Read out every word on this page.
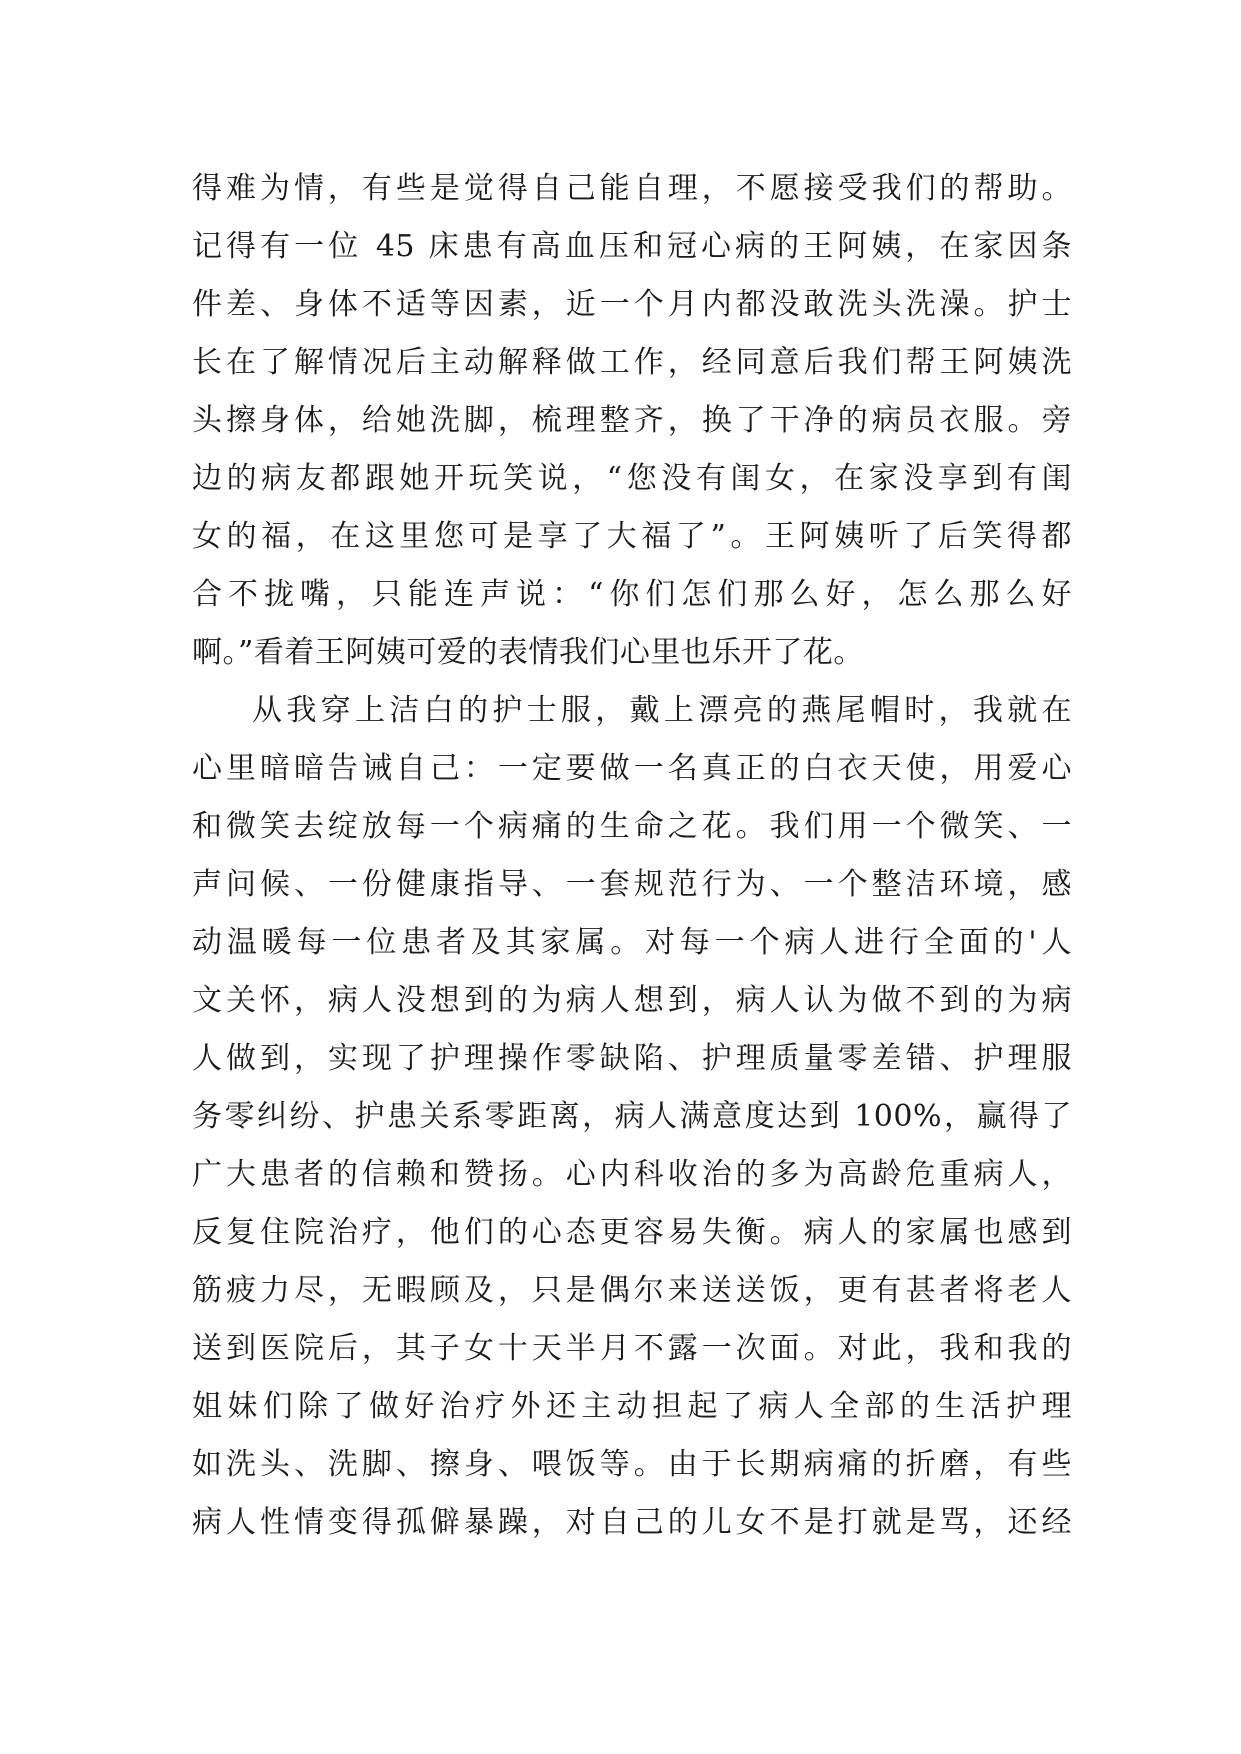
得难为情，有些是觉得自己能自理，不愿接受我们的帮助。
记得有一位 45 床患有高血压和冠心病的王阿姨，在家因条
件差、身体不适等因素，近一个月内都没敢洗头洗澡。护士
长在了解情况后主动解释做工作，经同意后我们帮王阿姨洗
头擦身体，给她洗脚，梳理整齐，换了干净的病员衣服。旁
边的病友都跟她开玩笑说，“您没有闺女，在家没享到有闺
女的福，在这里您可是享了大福了”。王阿姨听了后笑得都
合不拢嘴，只能连声说：“你们怎们那么好，怎么那么好
啊。”看着王阿姨可爱的表情我们心里也乐开了花。
从我穿上洁白的护士服，戴上漂亮的燕尾帽时，我就在
心里暗暗告诫自己：一定要做一名真正的白衣天使，用爱心
和微笑去绽放每一个病痛的生命之花。我们用一个微笑、一
声问候、一份健康指导、一套规范行为、一个整洁环境，感
动温暖每一位患者及其家属。对每一个病人进行全面的'人
文关怀，病人没想到的为病人想到，病人认为做不到的为病
人做到，实现了护理操作零缺陷、护理质量零差错、护理服
务零纠纷、护患关系零距离，病人满意度达到 100%，赢得了
广大患者的信赖和赞扬。心内科收治的多为高龄危重病人，
反复住院治疗，他们的心态更容易失衡。病人的家属也感到
筋疲力尽，无暇顾及，只是偶尔来送送饭，更有甚者将老人
送到医院后，其子女十天半月不露一次面。对此，我和我的
姐妹们除了做好治疗外还主动担起了病人全部的生活护理
如洗头、洗脚、擦身、喂饭等。由于长期病痛的折磨，有些
病人性情变得孤僻暴躁，对自己的儿女不是打就是骂，还经
